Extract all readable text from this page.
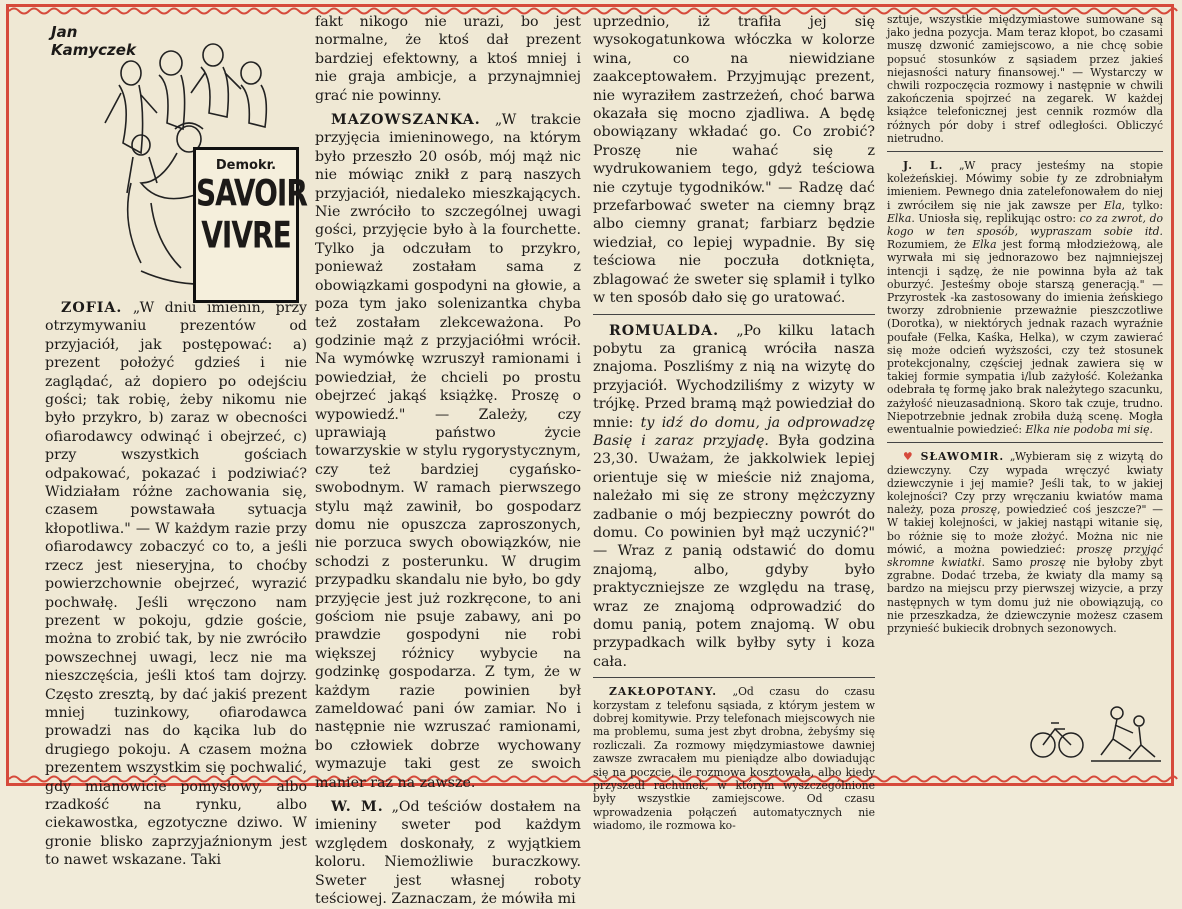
Jan
Kamyczek
Demokr.
SAVOIR
VIVRE

ZOFIA. „W dniu imienin, przy otrzymywaniu prezentów od przyjaciół, jak postępować: a) prezent położyć gdzieś i nie zaglądać, aż dopiero po odejściu gości; tak robię, żeby nikomu nie było przykro, b) zaraz w obecności ofiarodawcy odwinąć i obejrzeć, c) przy wszystkich gościach odpakować, pokazać i podziwiać? Widziałam różne zachowania się, czasem powstawała sytuacja kłopotliwa." — W każdym razie przy ofiarodawcy zobaczyć co to, a jeśli rzecz jest nieseryjna, to choćby powierzchownie obejrzeć, wyrazić pochwałę. Jeśli wręczono nam prezent w pokoju, gdzie goście, można to zrobić tak, by nie zwróciło powszechnej uwagi, lecz nie ma nieszczęścia, jeśli ktoś tam dojrzy. Często zresztą, by dać jakiś prezent mniej tuzinkowy, ofiarodawca prowadzi nas do kącika lub do drugiego pokoju. A czasem można prezentem wszystkim się pochwalić, gdy mianowicie pomysłowy, albo rzadkość na rynku, albo ciekawostka, egzotyczne dziwo. W gronie blisko zaprzyjaźnionym jest to nawet wskazane. Taki

fakt nikogo nie urazi, bo jest normalne, że ktoś dał prezent bardziej efektowny, a ktoś mniej i nie graja ambicje, a przynajmniej grać nie powinny.

MAZOWSZANKA. „W trakcie przyjęcia imieninowego, na którym było przeszło 20 osób, mój mąż nic nie mówiąc znikł z parą naszych przyjaciół, niedaleko mieszkających. Nie zwróciło to szczególnej uwagi gości, przyjęcie było à la fourchette. Tylko ja odczułam to przykro, ponieważ zostałam sama z obowiązkami gospodyni na głowie, a poza tym jako solenizantka chyba też zostałam zlekceważona. Po godzinie mąż z przyjaciółmi wrócił. Na wymówkę wzruszył ramionami i powiedział, że chcieli po prostu obejrzeć jakąś książkę. Proszę o wypowiedź." — Zależy, czy uprawiają państwo życie towarzyskie w stylu rygorystycznym, czy też bardziej cygańsko-swobodnym. W ramach pierwszego stylu mąż zawinił, bo gospodarz domu nie opuszcza zaproszonych, nie porzuca swych obowiązków, nie schodzi z posterunku. W drugim przypadku skandalu nie było, bo gdy przyjęcie jest już rozkręcone, to ani gościom nie psuje zabawy, ani po prawdzie gospodyni nie robi większej różnicy wybycie na godzinkę gospodarza. Z tym, że w każdym razie powinien był zameldować pani ów zamiar. No i następnie nie wzruszać ramionami, bo człowiek dobrze wychowany wymazuje taki gest ze swoich manier raz na zawsze.

W. M. „Od teściów dostałem na imieniny sweter pod każdym względem doskonały, z wyjątkiem koloru. Niemożliwie buraczkowy. Sweter jest własnej roboty teściowej. Zaznaczam, że mówiła mi

uprzednio, iż trafiła jej się wysokogatunkowa włóczka w kolorze wina, co na niewidziane zaakceptowałem. Przyjmując prezent, nie wyraziłem zastrzeżeń, choć barwa okazała się mocno zjadliwa. A będę obowiązany wkładać go. Co zrobić? Proszę nie wahać się z wydrukowaniem tego, gdyż teściowa nie czytuje tygodników." — Radzę dać przefarbować sweter na ciemny brąz albo ciemny granat; farbiarz będzie wiedział, co lepiej wypadnie. By się teściowa nie poczuła dotknięta, zblagować że sweter się splamił i tylko w ten sposób dało się go uratować.

ROMUALDA. „Po kilku latach pobytu za granicą wróciła nasza znajoma. Poszliśmy z nią na wizytę do przyjaciół. Wychodziliśmy z wizyty w trójkę. Przed bramą mąż powiedział do mnie: ty idź do domu, ja odprowadzę Basię i zaraz przyjadę. Była godzina 23,30. Uważam, że jakkolwiek lepiej orientuje się w mieście niż znajoma, należało mi się ze strony mężczyzny zadbanie o mój bezpieczny powrót do domu. Co powinien był mąż uczynić?" — Wraz z panią odstawić do domu znajomą, albo, gdyby było praktyczniejsze ze względu na trasę, wraz ze znajomą odprowadzić do domu panią, potem znajomą. W obu przypadkach wilk byłby syty i koza cała.

ZAKŁOPOTANY. „Od czasu do czasu korzystam z telefonu sąsiada, z którym jestem w dobrej komitywie. Przy telefonach miejscowych nie ma problemu, suma jest zbyt drobna, żebyśmy się rozliczali. Za rozmowy międzymiastowe dawniej zawsze zwracałem mu pieniądze albo dowiadując się na poczcie, ile rozmowa kosztowała, albo kiedy przyszedł rachunek, w którym wyszczególnione były wszystkie zamiejscowe. Od czasu wprowadzenia połączeń automatycznych nie wiadomo, ile rozmowa ko-

sztuje, wszystkie międzymiastowe sumowane są jako jedna pozycja. Mam teraz kłopot, bo czasami muszę dzwonić zamiejscowo, a nie chcę sobie popsuć stosunków z sąsiadem przez jakieś niejasności natury finansowej." — Wystarczy w chwili rozpoczęcia rozmowy i następnie w chwili zakończenia spojrzeć na zegarek. W każdej książce telefonicznej jest cennik rozmów dla różnych pór doby i stref odległości. Obliczyć nietrudno.

J. L. „W pracy jesteśmy na stopie koleżeńskiej. Mówimy sobie ty ze zdrobniałym imieniem. Pewnego dnia zatelefonowałem do niej i zwróciłem się nie jak zawsze per Ela, tylko: Elka. Uniosła się, replikując ostro: co za zwrot, do kogo w ten sposób, wypraszam sobie itd. Rozumiem, że Elka jest formą młodzieżową, ale wyrwała mi się jednorazowo bez najmniejszej intencji i sądzę, że nie powinna była aż tak oburzyć. Jesteśmy oboje starszą generacją." — Przyrostek -ka zastosowany do imienia żeńskiego tworzy zdrobnienie przeważnie pieszczotliwe (Dorotka), w niektórych jednak razach wyraźnie poufałe (Felka, Kaśka, Helka), w czym zawierać się może odcień wyższości, czy też stosunek protekcjonalny, częściej jednak zawiera się w takiej formie sympatia i/lub zażyłość. Koleżanka odebrała tę formę jako brak należytego szacunku, zażyłość nieuzasadnioną. Skoro tak czuje, trudno. Niepotrzebnie jednak zrobiła dużą scenę. Mogła ewentualnie powiedzieć: Elka nie podoba mi się.

♥ SŁAWOMIR. „Wybieram się z wizytą do dziewczyny. Czy wypada wręczyć kwiaty dziewczynie i jej mamie? Jeśli tak, to w jakiej kolejności? Czy przy wręczaniu kwiatów mama należy, poza proszę, powiedzieć coś jeszcze?" — W takiej kolejności, w jakiej nastąpi witanie się, bo różnie się to może złożyć. Można nic nie mówić, a można powiedzieć: proszę przyjąć skromne kwiatki. Samo proszę nie byłoby zbyt zgrabne. Dodać trzeba, że kwiaty dla mamy są bardzo na miejscu przy pierwszej wizycie, a przy następnych w tym domu już nie obowiązują, co nie przeszkadza, że dziewczynie możesz czasem przynieść bukiecik drobnych sezonowych.
